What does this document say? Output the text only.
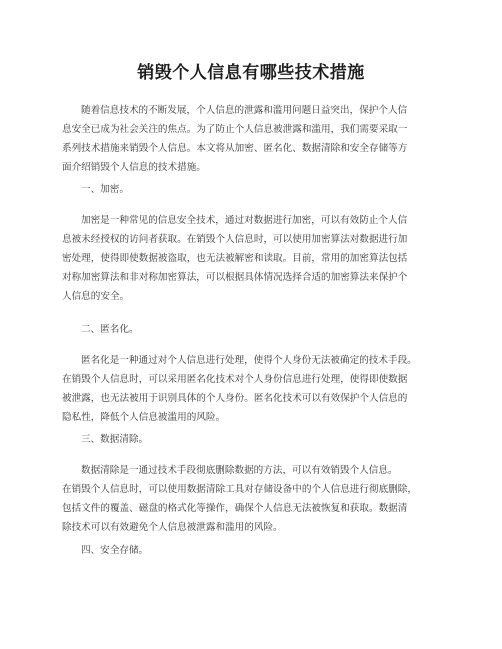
销毁个人信息有哪些技术措施
随着信息技术的不断发展，个人信息的泄露和滥用问题日益突出，保护个人信
息安全已成为社会关注的焦点。为了防止个人信息被泄露和滥用，我们需要采取一
系列技术措施来销毁个人信息。本文将从加密、匿名化、数据清除和安全存储等方
面介绍销毁个人信息的技术措施。
一、加密。
加密是一种常见的信息安全技术，通过对数据进行加密，可以有效防止个人信
息被未经授权的访问者获取。在销毁个人信息时，可以使用加密算法对数据进行加
密处理，使得即使数据被盗取，也无法被解密和读取。目前，常用的加密算法包括
对称加密算法和非对称加密算法，可以根据具体情况选择合适的加密算法来保护个
人信息的安全。
二、匿名化。
匿名化是一种通过对个人信息进行处理，使得个人身份无法被确定的技术手段。
在销毁个人信息时，可以采用匿名化技术对个人身份信息进行处理，使得即使数据
被泄露，也无法被用于识别具体的个人身份。匿名化技术可以有效保护个人信息的
隐私性，降低个人信息被滥用的风险。
三、数据清除。
数据清除是一通过技术手段彻底删除数据的方法，可以有效销毁个人信息。
在销毁个人信息时，可以使用数据清除工具对存储设备中的个人信息进行彻底删除，
包括文件的覆盖、磁盘的格式化等操作，确保个人信息无法被恢复和获取。数据清
除技术可以有效避免个人信息被泄露和滥用的风险。
四、安全存储。
